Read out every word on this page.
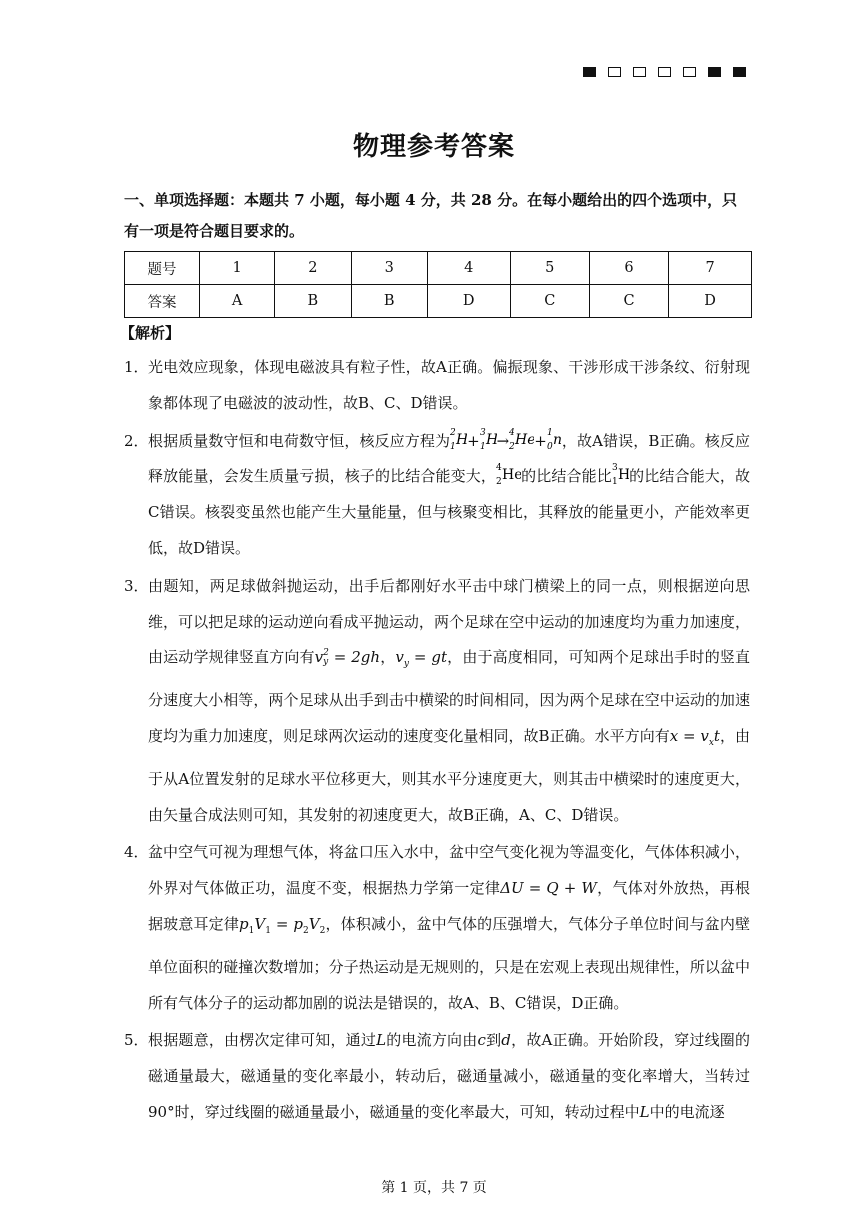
物理参考答案
一、单项选择题：本题共 7 小题，每小题 4 分，共 28 分。在每小题给出的四个选项中，只有一项是符合题目要求的。
题号	1	2	3	4	5	6	7
答案	A	B	B	D	C	C	D
【解析】
1． 光电效应现象，体现电磁波具有粒子性，故A正确。偏振现象、干涉形成干涉条纹、衍射现象都体现了电磁波的波动性，故B、C、D错误。
2． 根据质量数守恒和电荷数守恒，核反应方程为 2
1 H
+ 3
1 H
→ 4
2 He
+ 1
0 n ，故A错误，B正确。核反应释放能量，会发生质量亏损，核子的比结合能变大， 4
2 He
的比结合能比 3
1 H
的比结合能大，故C错误。核裂变虽然也能产生大量能量，但与核聚变相比，其释放的能量更小，产能效率更低，故D错误。
3． 由题知，两足球做斜抛运动，出手后都刚好水平击中球门横梁上的同一点，则根据逆向思维，可以把足球的运动逆向看成平抛运动，两个足球在空中运动的加速度均为重力加速度，由运动学规律竖直方向有v 2
y = 2gh，$v_y$ = gt，由于高度相同，可知两个足球出手时的竖直分速度大小相等，两个足球从出手到击中横梁的时间相同，因为两个足球在空中运动的加速度均为重力加速度，则足球两次运动的速度变化量相同，故B正确。水平方向有$x = v_xt$，由于从A位置发射的足球水平位移更大，则其水平分速度更大，则其击中横梁时的速度更大，由矢量合成法则可知，其发射的初速度更大，故B正确，A、C、D错误。
4． 盆中空气可视为理想气体，将盆口压入水中，盆中空气变化视为等温变化，气体体积减小，外界对气体做正功，温度不变，根据热力学第一定律ΔU = Q + W，气体对外放热，再根据玻意耳定律$p_1V_1 = p_2V_2$，体积减小，盆中气体的压强增大，气体分子单位时间与盆内壁单位面积的碰撞次数增加；分子热运动是无规则的，只是在宏观上表现出规律性，所以盆中所有气体分子的运动都加剧的说法是错误的，故A、B、C错误，D正确。
5． 根据题意，由楞次定律可知，通过L的电流方向由c到d，故A正确。开始阶段，穿过线圈的磁通量最大，磁通量的变化率最小，转动后，磁通量减小，磁通量的变化率增大，当转过90°时，穿过线圈的磁通量最小，磁通量的变化率最大，可知，转动过程中L中的电流逐
第 1 页，共 7 页
